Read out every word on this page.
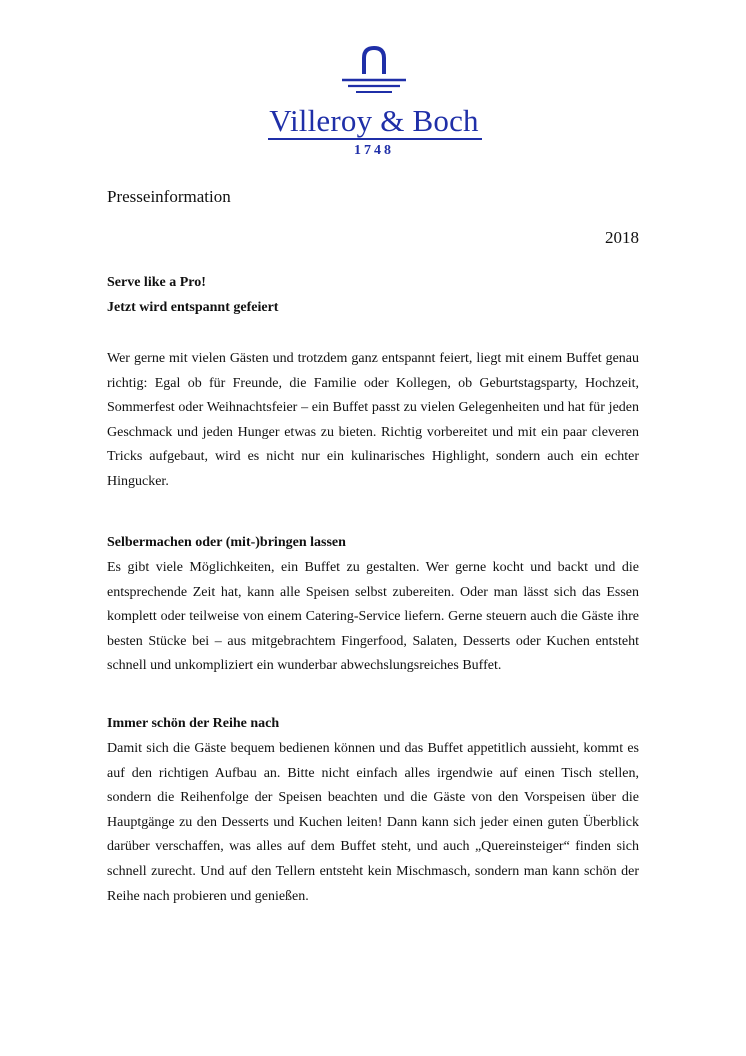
Villeroy & Boch
1748
Presseinformation
2018
Serve like a Pro!
Jetzt wird entspannt gefeiert

Wer gerne mit vielen Gästen und trotzdem ganz entspannt feiert, liegt mit einem Buffet genau richtig: Egal ob für Freunde, die Familie oder Kollegen, ob Geburtstagsparty, Hochzeit, Sommerfest oder Weihnachtsfeier – ein Buffet passt zu vielen Gelegenheiten und hat für jeden Geschmack und jeden Hunger etwas zu bieten. Richtig vorbereitet und mit ein paar cleveren Tricks aufgebaut, wird es nicht nur ein kulinarisches Highlight, sondern auch ein echter Hingucker.

Selbermachen oder (mit-)bringen lassen

Es gibt viele Möglichkeiten, ein Buffet zu gestalten. Wer gerne kocht und backt und die entsprechende Zeit hat, kann alle Speisen selbst zubereiten. Oder man lässt sich das Essen komplett oder teilweise von einem Catering-Service liefern. Gerne steuern auch die Gäste ihre besten Stücke bei – aus mitgebrachtem Fingerfood, Salaten, Desserts oder Kuchen entsteht schnell und unkompliziert ein wunderbar abwechslungsreiches Buffet.

Immer schön der Reihe nach

Damit sich die Gäste bequem bedienen können und das Buffet appetitlich aussieht, kommt es auf den richtigen Aufbau an. Bitte nicht einfach alles irgendwie auf einen Tisch stellen, sondern die Reihenfolge der Speisen beachten und die Gäste von den Vorspeisen über die Hauptgänge zu den Desserts und Kuchen leiten! Dann kann sich jeder einen guten Überblick darüber verschaffen, was alles auf dem Buffet steht, und auch „Quereinsteiger“ finden sich schnell zurecht. Und auf den Tellern entsteht kein Mischmasch, sondern man kann schön der Reihe nach probieren und genießen.
